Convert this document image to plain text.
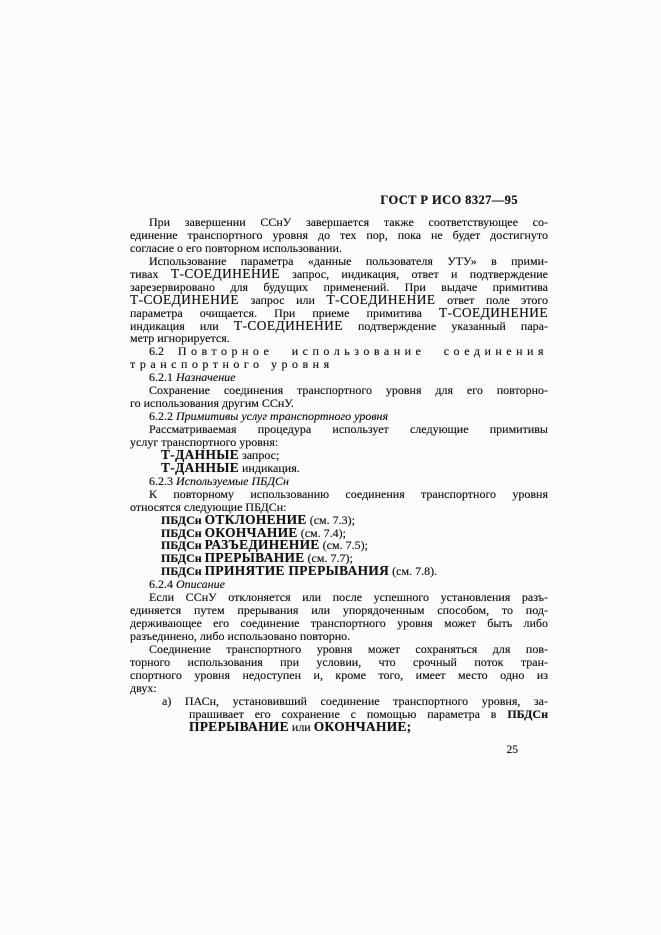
ГОСТ Р ИСО 8327—95
При завершении ССнУ завершается также соответствующее со-
единение транспортного уровня до тех пор, пока не будет достигнуто
согласие о его повторном использовании.
Использование параметра «данные пользователя УТУ» в прими-
тивах Т-СОЕДИНЕНИЕ запрос, индикация, ответ и подтверждение
зарезервировано для будущих применений. При выдаче примитива
Т-СОЕДИНЕНИЕ запрос или Т-СОЕДИНЕНИЕ ответ поле этого
параметра очищается. При приеме примитива Т-СОЕДИНЕНИЕ
индикация или Т-СОЕДИНЕНИЕ подтверждение указанный пара-
метр игнорируется.
6.2 Повторное использование соединения
транспортного уровня
6.2.1 Назначение
Сохранение соединения транспортного уровня для его повторно-
го использования другим ССнУ.
6.2.2 Примитивы услуг транспортного уровня
Рассматриваемая процедура использует следующие примитивы
услуг транспортного уровня:
Т-ДАННЫЕ запрос;
Т-ДАННЫЕ индикация.
6.2.3 Используемые ПБДСн
К повторному использованию соединения транспортного уровня
относятся следующие ПБДСн:
ПБДСн ОТКЛОНЕНИЕ (см. 7.3);
ПБДСн ОКОНЧАНИЕ (см. 7.4);
ПБДСн РАЗЪЕДИНЕНИЕ (см. 7.5);
ПБДСн ПРЕРЫВАНИЕ (см. 7.7);
ПБДСн ПРИНЯТИЕ ПРЕРЫВАНИЯ (см. 7.8).
6.2.4 Описание
Если ССнУ отклоняется или после успешного установления разъ-
единяется путем прерывания или упорядоченным способом, то под-
держивающее его соединение транспортного уровня может быть либо
разъединено, либо использовано повторно.
Соединение транспортного уровня может сохраняться для пов-
торного использования при условии, что срочный поток тран-
спортного уровня недоступен и, кроме того, имеет место одно из
двух:
а) ПАСн, установивший соединение транспортного уровня, за-
прашивает его сохранение с помощью параметра в ПБДСн
ПРЕРЫВАНИЕ или ОКОНЧАНИЕ;
25
